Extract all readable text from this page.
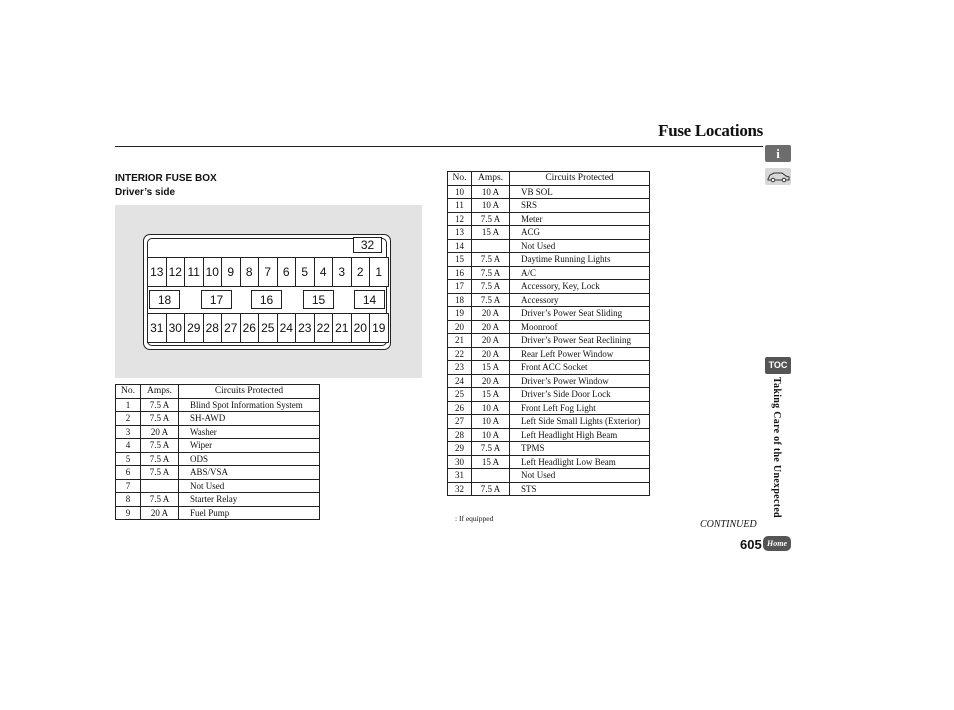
Fuse Locations
INTERIOR FUSE BOX
Driver’s side
32
13 12 11 10 9 8 7 6 5 4 3 2 1
18	17	16	15	14
31 30 29 28 27 26 25 24 23 22 21 20 19
No.	Amps.	Circuits Protected
1	7.5 A	Blind Spot Information System
2	7.5 A	SH-AWD
3	20 A	Washer
4	7.5 A	Wiper
5	7.5 A	ODS
6	7.5 A	ABS/VSA
7		Not Used
8	7.5 A	Starter Relay
9	20 A	Fuel Pump
No.	Amps.	Circuits Protected
10	10 A	VB SOL
11	10 A	SRS
12	7.5 A	Meter
13	15 A	ACG
14		Not Used
15	7.5 A	Daytime Running Lights
16	7.5 A	A/C
17	7.5 A	Accessory, Key, Lock
18	7.5 A	Accessory
19	20 A	Driver’s Power Seat Sliding
20	20 A	Moonroof
21	20 A	Driver’s Power Seat Reclining
22	20 A	Rear Left Power Window
23	15 A	Front ACC Socket
24	20 A	Driver’s Power Window
25	15 A	Driver’s Side Door Lock
26	10 A	Front Left Fog Light
27	10 A	Left Side Small Lights (Exterior)
28	10 A	Left Headlight High Beam
29	7.5 A	TPMS
30	15 A	Left Headlight Low Beam
31		Not Used
32	7.5 A	STS
: If equipped
CONTINUED
605
i
TOC
Taking Care of the Unexpected
Home
